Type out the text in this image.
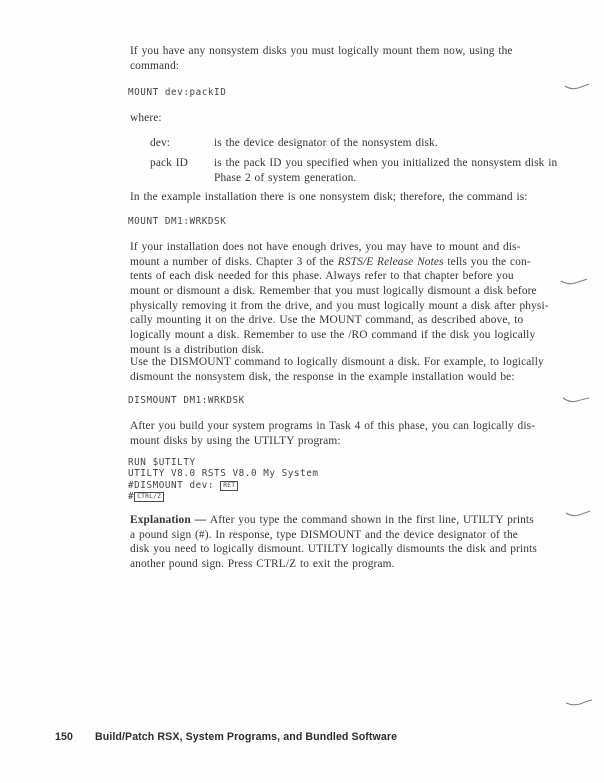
If you have any nonsystem disks you must logically mount them now, using the
command:
MOUNT dev:packID
where:
dev:	is the device designator of the nonsystem disk.
pack ID is the pack ID you specified when you initialized the nonsystem disk in
Phase 2 of system generation.
In the example installation there is one nonsystem disk; therefore, the command is:
MOUNT DM1:WRKDSK
If your installation does not have enough drives, you may have to mount and dis-
mount a number of disks. Chapter 3 of the RSTS/E Release Notes tells you the con-
tents of each disk needed for this phase. Always refer to that chapter before you
mount or dismount a disk. Remember that you must logically dismount a disk before
physically removing it from the drive, and you must logically mount a disk after physi-
cally mounting it on the drive. Use the MOUNT command, as described above, to
logically mount a disk. Remember to use the /RO command if the disk you logically
mount is a distribution disk.
Use the DISMOUNT command to logically dismount a disk. For example, to logically
dismount the nonsystem disk, the response in the example installation would be:
DISMOUNT DM1:WRKDSK
After you build your system programs in Task 4 of this phase, you can logically dis-
mount disks by using the UTILTY program:
RUN $UTILTY
UTILTY V8.0 RSTS V8.0 My System
#DISMOUNT dev: RET
# CTRL/Z
Explanation — After you type the command shown in the first line, UTILTY prints
a pound sign (#). In response, type DISMOUNT and the device designator of the
disk you need to logically dismount. UTILTY logically dismounts the disk and prints
another pound sign. Press CTRL/Z to exit the program.
150 Build/Patch RSX, System Programs, and Bundled Software
;':
